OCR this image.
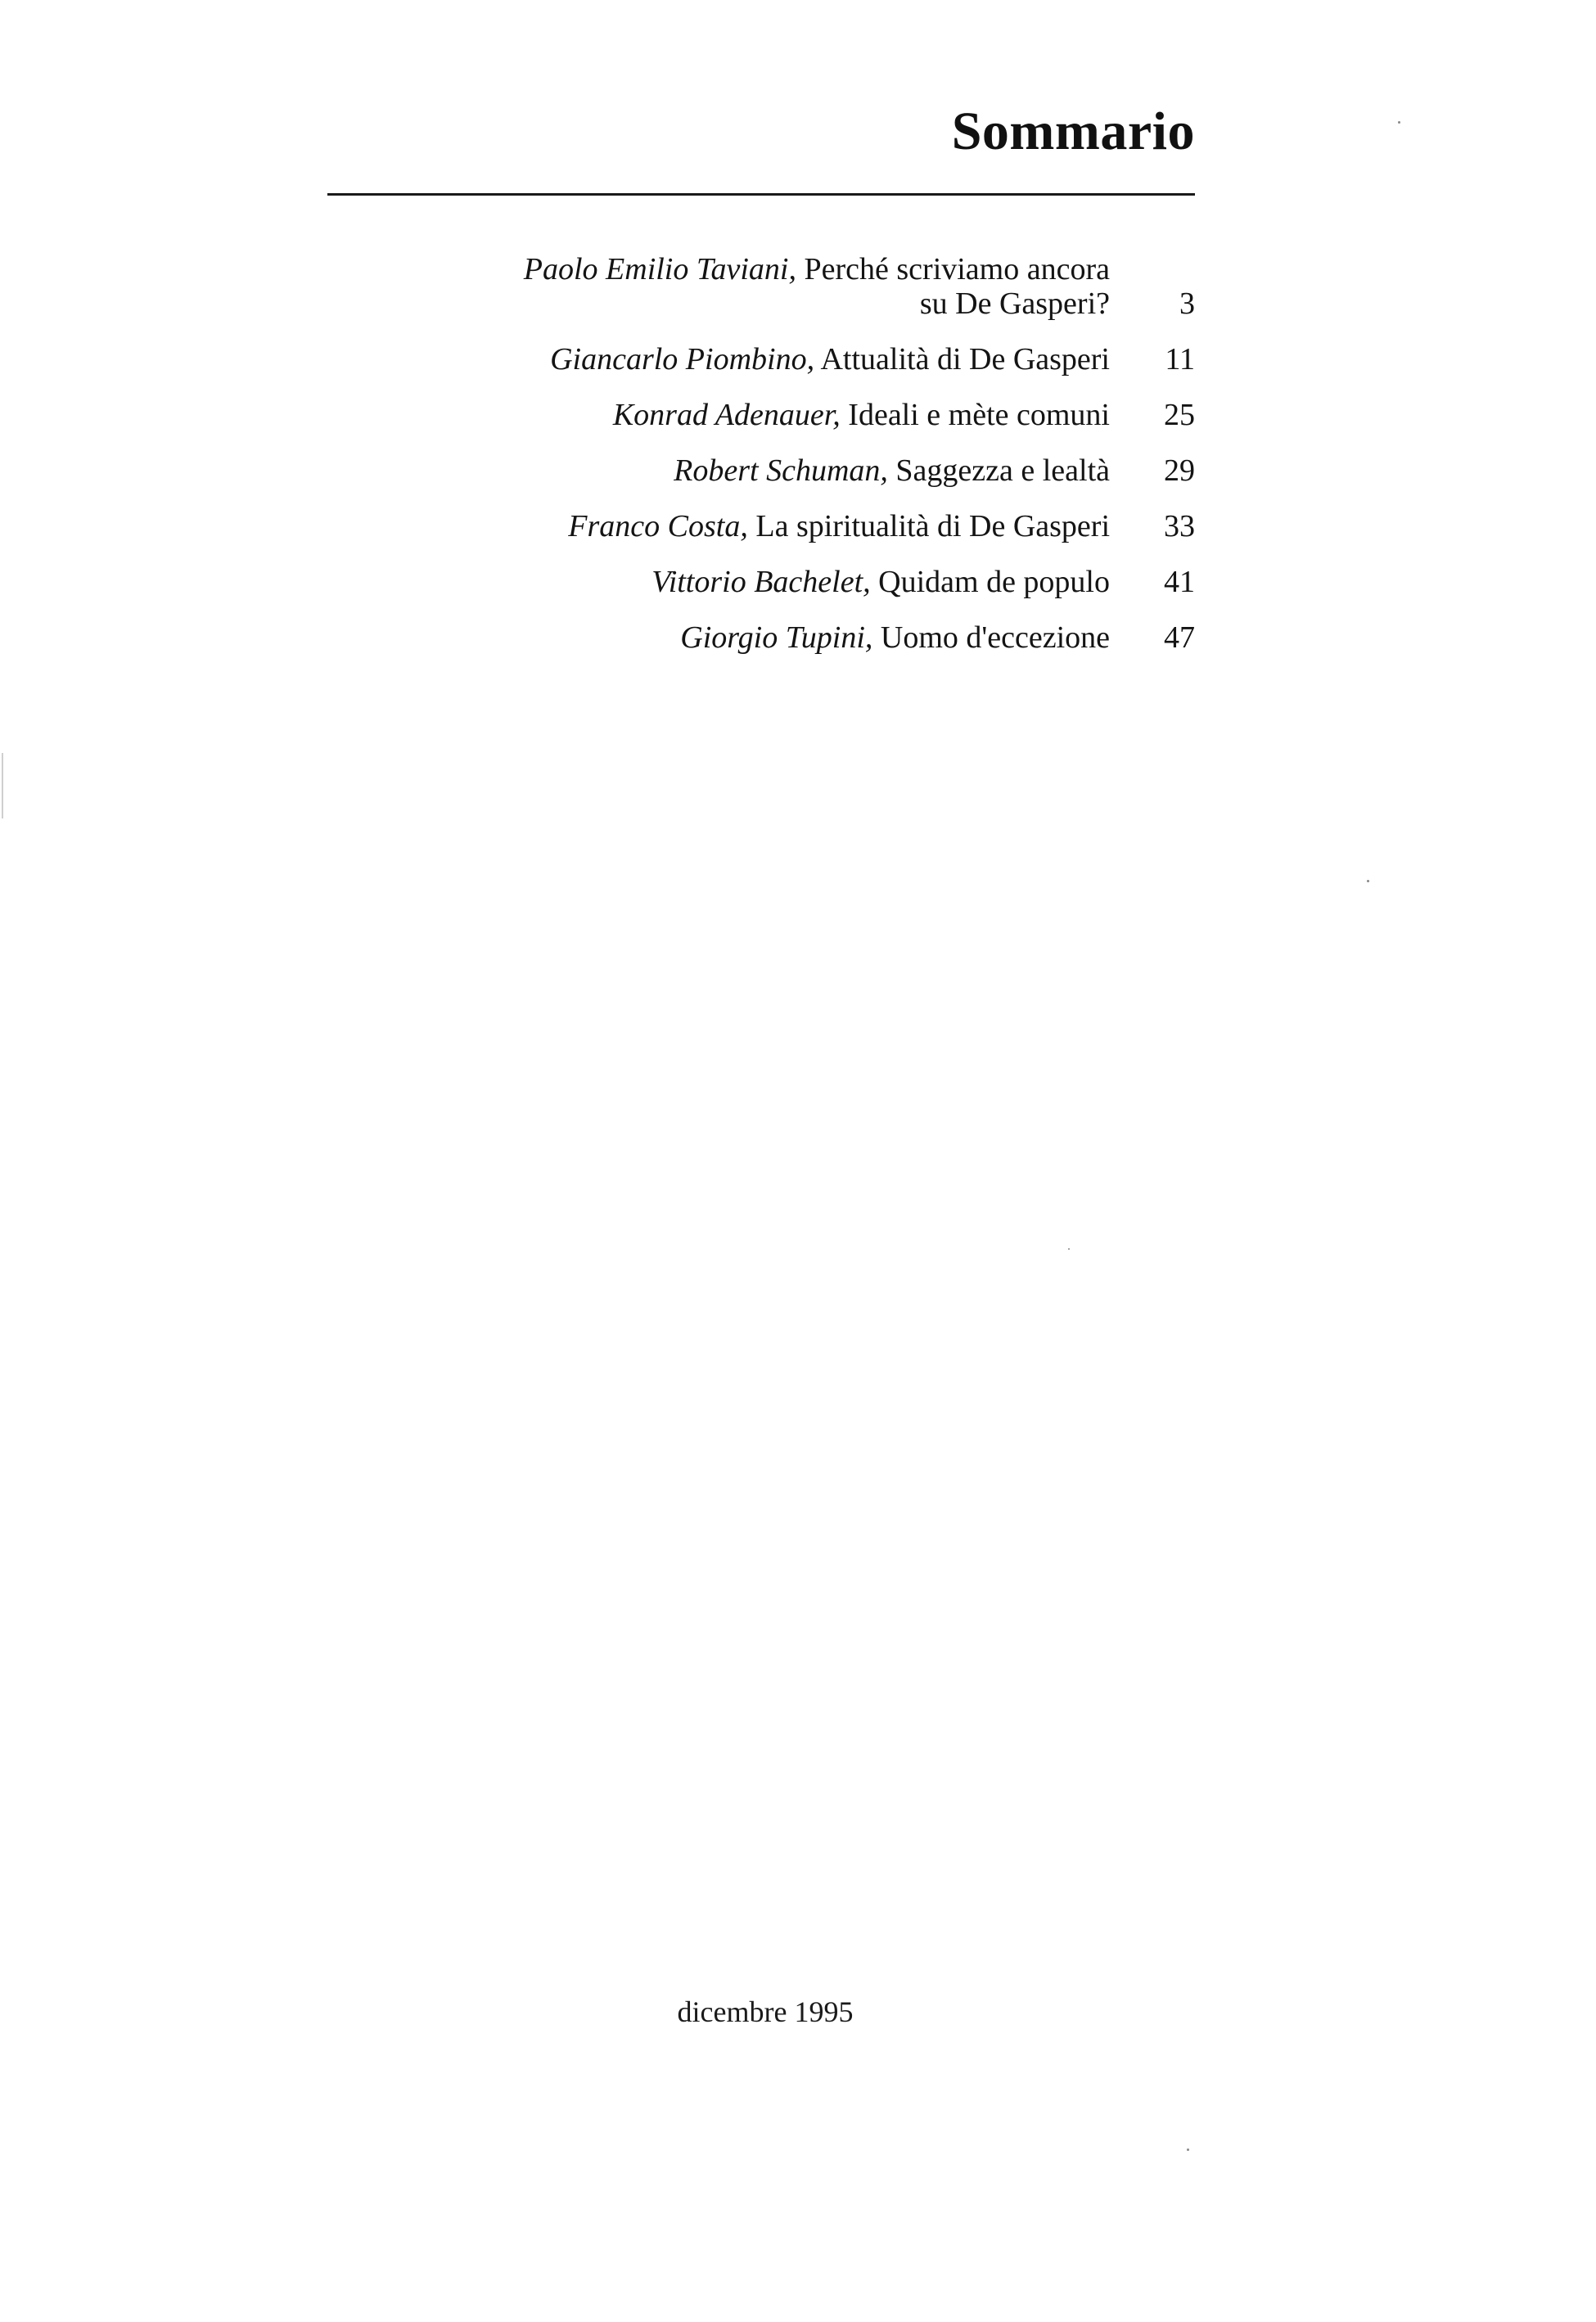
Sommario
Paolo Emilio Taviani, Perché scriviamo ancora
su De Gasperi?	3
Giancarlo Piombino, Attualità di De Gasperi	11
Konrad Adenauer, Ideali e mète comuni	25
Robert Schuman, Saggezza e lealtà	29
Franco Costa, La spiritualità di De Gasperi	33
Vittorio Bachelet, Quidam de populo	41
Giorgio Tupini, Uomo d'eccezione	47
dicembre 1995
